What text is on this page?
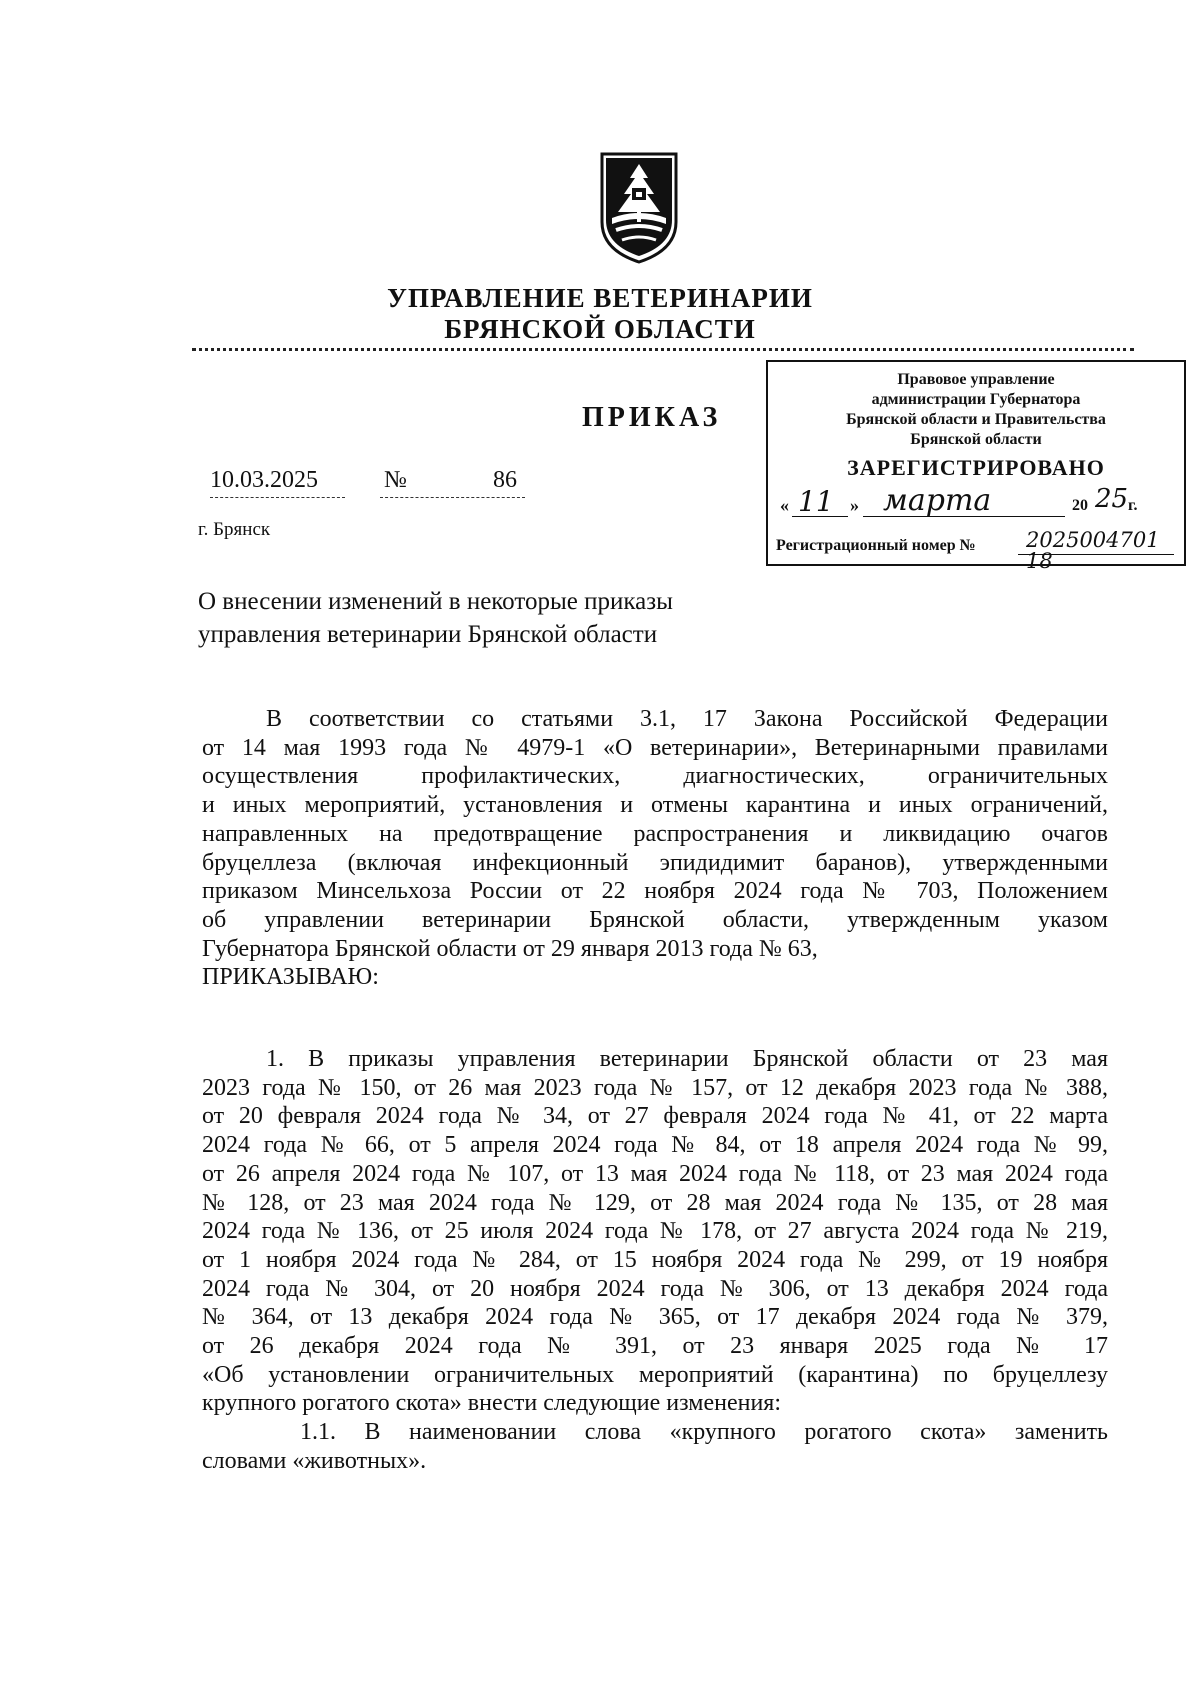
УПРАВЛЕНИЕ ВЕТЕРИНАРИИ
БРЯНСКОЙ ОБЛАСТИ
ПРИКАЗ
10.03.2025	№	86
г. Брянск
Правовое управление
администрации Губернатора
Брянской области и Правительства
Брянской области
ЗАРЕГИСТРИРОВАНО
« 11 » марта	20 25 г.
Регистрационный номер № 2025004701 18
О внесении изменений в некоторые приказы
управления ветеринарии Брянской области
В соответствии со статьями 3.1, 17 Закона Российской Федерации
от 14 мая 1993 года № 4979-1 «О ветеринарии», Ветеринарными правилами
осуществления профилактических, диагностических, ограничительных
и иных мероприятий, установления и отмены карантина и иных ограничений,
направленных на предотвращение распространения и ликвидацию очагов
бруцеллеза (включая инфекционный эпидидимит баранов), утвержденными
приказом Минсельхоза России от 22 ноября 2024 года № 703, Положением
об управлении ветеринарии Брянской области, утвержденным указом
Губернатора Брянской области от 29 января 2013 года № 63,
ПРИКАЗЫВАЮ:
1. В приказы управления ветеринарии Брянской области от 23 мая
2023 года № 150, от 26 мая 2023 года № 157, от 12 декабря 2023 года № 388,
от 20 февраля 2024 года № 34, от 27 февраля 2024 года № 41, от 22 марта
2024 года № 66, от 5 апреля 2024 года № 84, от 18 апреля 2024 года № 99,
от 26 апреля 2024 года № 107, от 13 мая 2024 года № 118, от 23 мая 2024 года
№ 128, от 23 мая 2024 года № 129, от 28 мая 2024 года № 135, от 28 мая
2024 года № 136, от 25 июля 2024 года № 178, от 27 августа 2024 года № 219,
от 1 ноября 2024 года № 284, от 15 ноября 2024 года № 299, от 19 ноября
2024 года № 304, от 20 ноября 2024 года № 306, от 13 декабря 2024 года
№ 364, от 13 декабря 2024 года № 365, от 17 декабря 2024 года № 379,
от 26 декабря 2024 года № 391, от 23 января 2025 года № 17
«Об установлении ограничительных мероприятий (карантина) по бруцеллезу
крупного рогатого скота» внести следующие изменения:
1.1. В наименовании слова «крупного рогатого скота» заменить
словами «животных».
